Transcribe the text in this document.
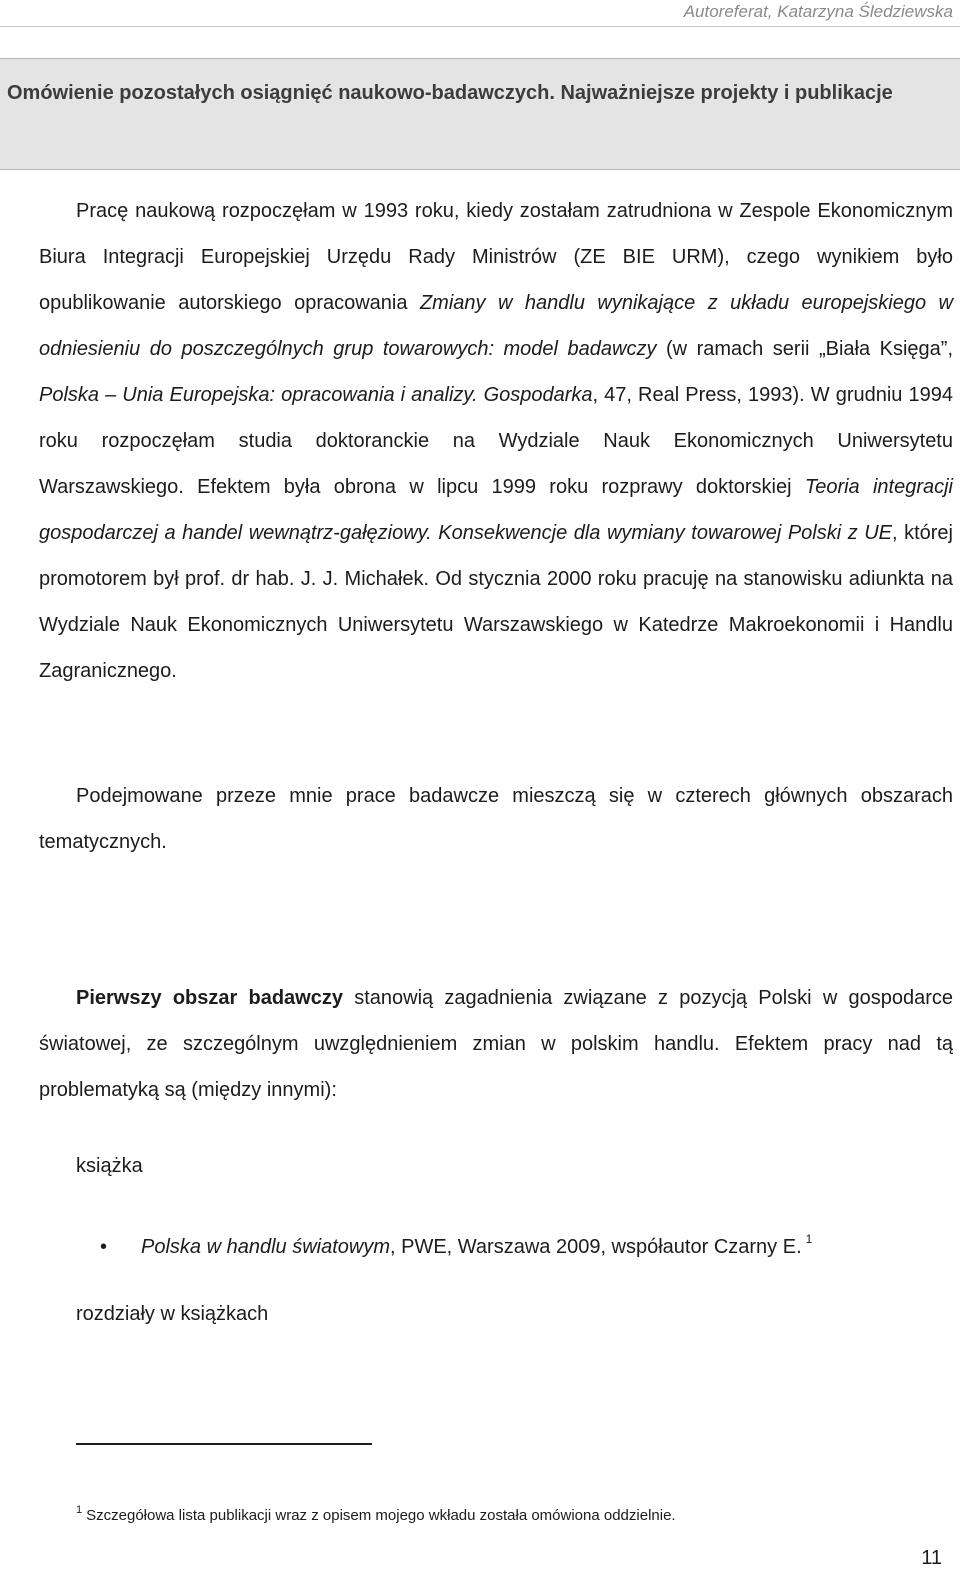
Autoreferat, Katarzyna Śledziewska
Omówienie pozostałych osiągnięć naukowo-badawczych. Najważniejsze projekty i publikacje
Pracę naukową rozpoczęłam w 1993 roku, kiedy zostałam zatrudniona w Zespole Ekonomicznym Biura Integracji Europejskiej Urzędu Rady Ministrów (ZE BIE URM), czego wynikiem było opublikowanie autorskiego opracowania Zmiany w handlu wynikające z układu europejskiego w odniesieniu do poszczególnych grup towarowych: model badawczy (w ramach serii „Biała Księga”, Polska – Unia Europejska: opracowania i analizy. Gospodarka, 47, Real Press, 1993). W grudniu 1994 roku rozpoczęłam studia doktoranckie na Wydziale Nauk Ekonomicznych Uniwersytetu Warszawskiego. Efektem była obrona w lipcu 1999 roku rozprawy doktorskiej Teoria integracji gospodarczej a handel wewnątrz-gałęziowy. Konsekwencje dla wymiany towarowej Polski z UE, której promotorem był prof. dr hab. J. J. Michałek. Od stycznia 2000 roku pracuję na stanowisku adiunkta na Wydziale Nauk Ekonomicznych Uniwersytetu Warszawskiego w Katedrze Makroekonomii i Handlu Zagranicznego.
Podejmowane przeze mnie prace badawcze mieszczą się w czterech głównych obszarach tematycznych.
Pierwszy obszar badawczy stanowią zagadnienia związane z pozycją Polski w gospodarce światowej, ze szczególnym uwzględnieniem zmian w polskim handlu. Efektem pracy nad tą problematyką są (między innymi):
książka
• Polska w handlu światowym, PWE, Warszawa 2009, współautor Czarny E. $^1$
rozdziały w książkach
$^1$ Szczegółowa lista publikacji wraz z opisem mojego wkładu została omówiona oddzielnie.
11
